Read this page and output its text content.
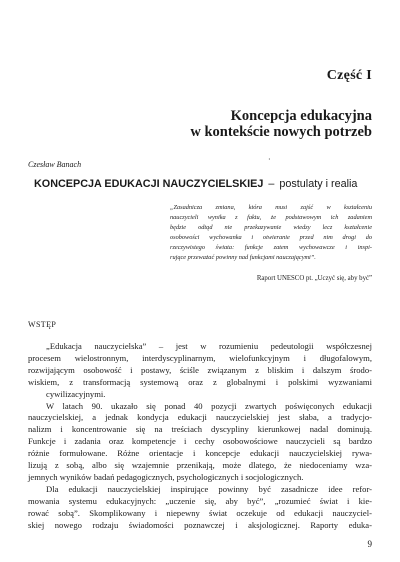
Część I
Koncepcja edukacyjna
w kontekście nowych potrzeb
Czesław Banach
·
KONCEPCJA EDUKACJI NAUCZYCIELSKIEJ – postulaty i realia
„Zasadnicza zmiana, która musi zajść w kształceniu
nauczycieli wynika z faktu, że podstawowym ich zadaniem
będzie odtąd nie przekazywanie wiedzy lecz kształcenie
osobowości wychowanka i otwieranie przed nim drogi do
rzeczywistego świata: funkcje zatem wychowawcze i inspi-
rujące przeważać powinny nad funkcjami nauczającymi”.
Raport UNESCO pt. „Uczyć się, aby być”
WSTĘP
„Edukacja nauczycielska” – jest w rozumieniu pedeutologii współczesnej
procesem wielostronnym, interdyscyplinarnym, wielofunkcyjnym i długofalowym,
rozwijającym osobowość i postawy, ściśle związanym z bliskim i dalszym środo-
wiskiem, z transformacją systemową oraz z globalnymi i polskimi wyzwaniami
cywilizacyjnymi.
W latach 90. ukazało się ponad 40 pozycji zwartych poświęconych edukacji
nauczycielskiej, a jednak kondycja edukacji nauczycielskiej jest słaba, a tradycjo-
nalizm i koncentrowanie się na treściach dyscypliny kierunkowej nadal dominują.
Funkcje i zadania oraz kompetencje i cechy osobowościowe nauczycieli są bardzo
różnie formułowane. Różne orientacje i koncepcje edukacji nauczycielskiej rywa-
lizują z sobą, albo się wzajemnie przenikają, może dlatego, że niedoceniamy wza-
jemnych wyników badań pedagogicznych, psychologicznych i socjologicznych.
Dla edukacji nauczycielskiej inspirujące powinny być zasadnicze idee refor-
mowania systemu edukacyjnych: „uczenie się, aby być”, „rozumieć świat i kie-
rować sobą”. Skomplikowany i niepewny świat oczekuje od edukacji nauczyciel-
skiej nowego rodzaju świadomości poznawczej i aksjologicznej. Raporty eduka-
9
